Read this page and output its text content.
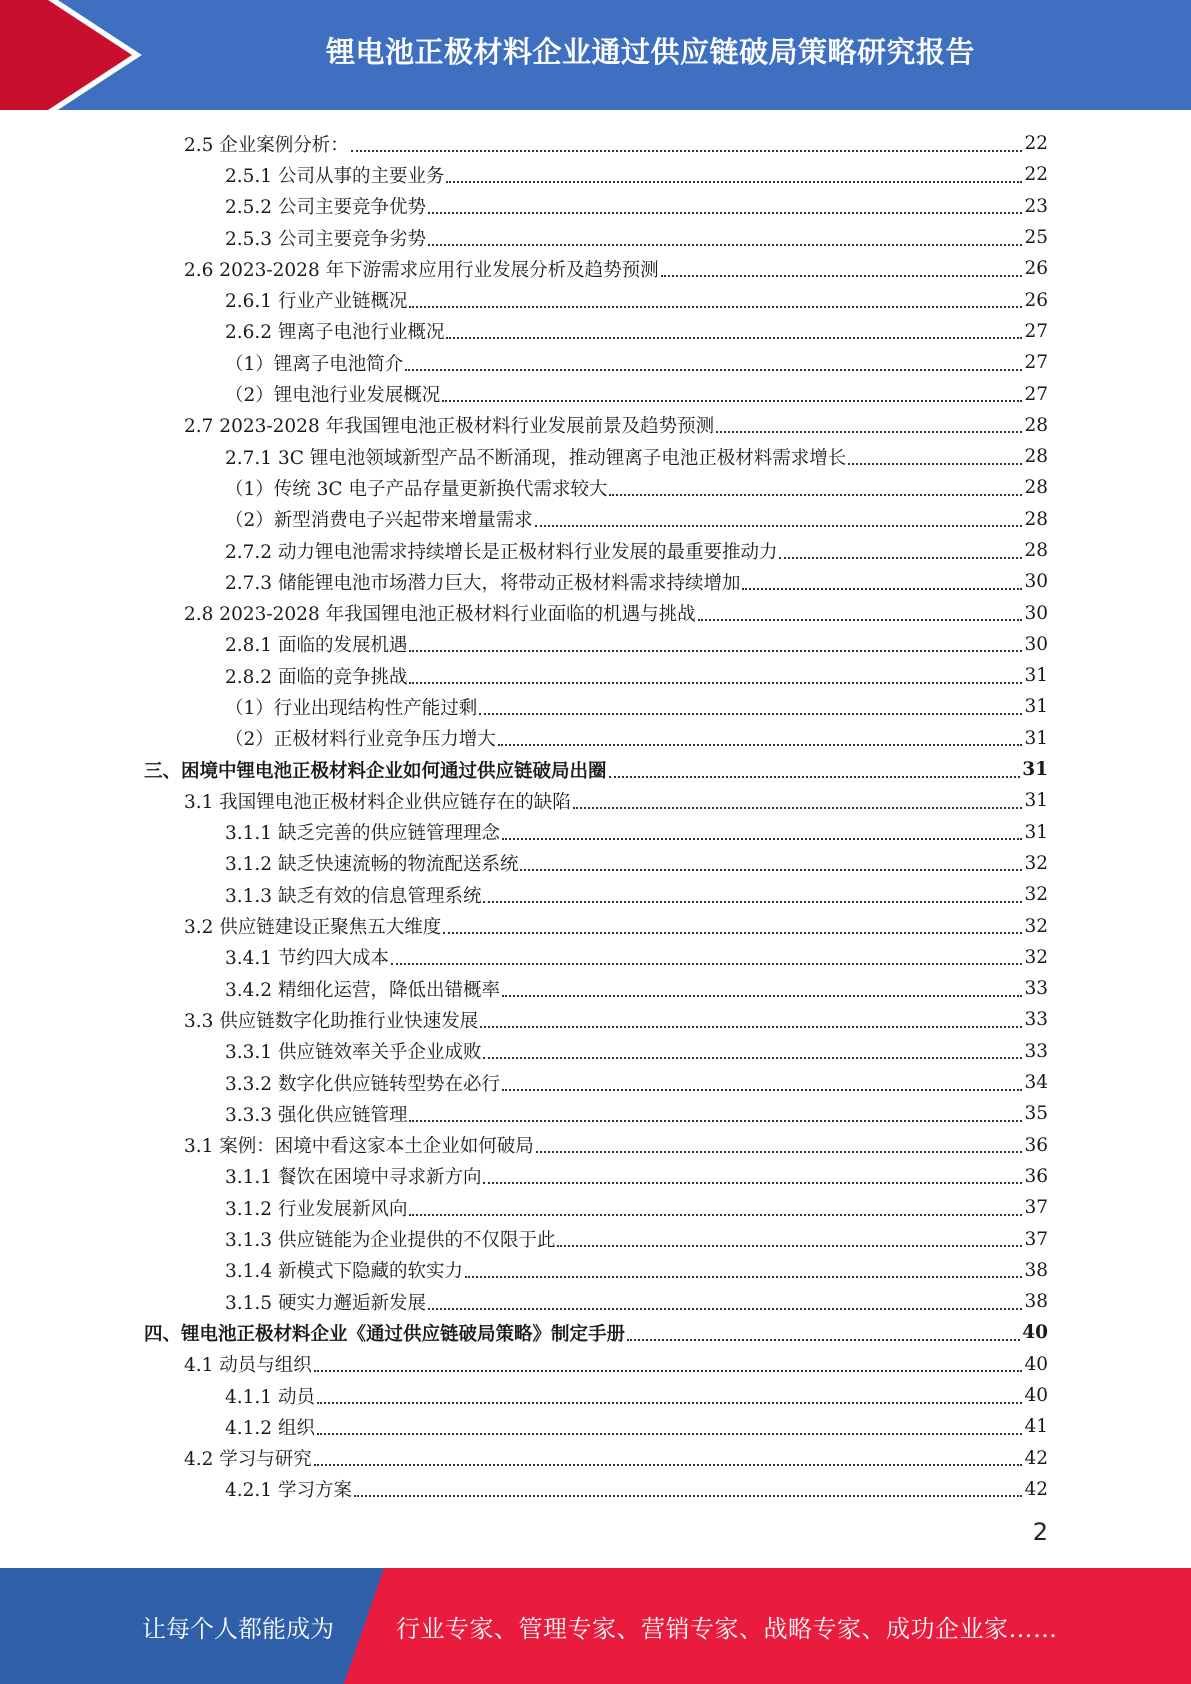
锂电池正极材料企业通过供应链破局策略研究报告
2.5 企业案例分析：	22
2.5.1 公司从事的主要业务	22
2.5.2 公司主要竞争优势	23
2.5.3 公司主要竞争劣势	25
2.6 2023-2028 年下游需求应用行业发展分析及趋势预测	26
2.6.1 行业产业链概况	26
2.6.2 锂离子电池行业概况	27
（1）锂离子电池简介	27
（2）锂电池行业发展概况	27
2.7 2023-2028 年我国锂电池正极材料行业发展前景及趋势预测	28
2.7.1 3C 锂电池领域新型产品不断涌现，推动锂离子电池正极材料需求增长	28
（1）传统 3C 电子产品存量更新换代需求较大	28
（2）新型消费电子兴起带来增量需求	28
2.7.2 动力锂电池需求持续增长是正极材料行业发展的最重要推动力	28
2.7.3 储能锂电池市场潜力巨大，将带动正极材料需求持续增加	30
2.8 2023-2028 年我国锂电池正极材料行业面临的机遇与挑战	30
2.8.1 面临的发展机遇	30
2.8.2 面临的竞争挑战	31
（1）行业出现结构性产能过剩	31
（2）正极材料行业竞争压力增大	31
三、困境中锂电池正极材料企业如何通过供应链破局出圈	31
3.1 我国锂电池正极材料企业供应链存在的缺陷	31
3.1.1 缺乏完善的供应链管理理念	31
3.1.2 缺乏快速流畅的物流配送系统	32
3.1.3 缺乏有效的信息管理系统	32
3.2 供应链建设正聚焦五大维度	32
3.4.1 节约四大成本	32
3.4.2 精细化运营，降低出错概率	33
3.3 供应链数字化助推行业快速发展	33
3.3.1 供应链效率关乎企业成败	33
3.3.2 数字化供应链转型势在必行	34
3.3.3 强化供应链管理	35
3.1 案例：困境中看这家本土企业如何破局	36
3.1.1 餐饮在困境中寻求新方向	36
3.1.2 行业发展新风向	37
3.1.3 供应链能为企业提供的不仅限于此	37
3.1.4 新模式下隐藏的软实力	38
3.1.5 硬实力邂逅新发展	38
四、锂电池正极材料企业《通过供应链破局策略》制定手册	40
4.1 动员与组织	40
4.1.1 动员	40
4.1.2 组织	41
4.2 学习与研究	42
4.2.1 学习方案	42
2
让每个人都能成为	行业专家、管理专家、营销专家、战略专家、成功企业家……
